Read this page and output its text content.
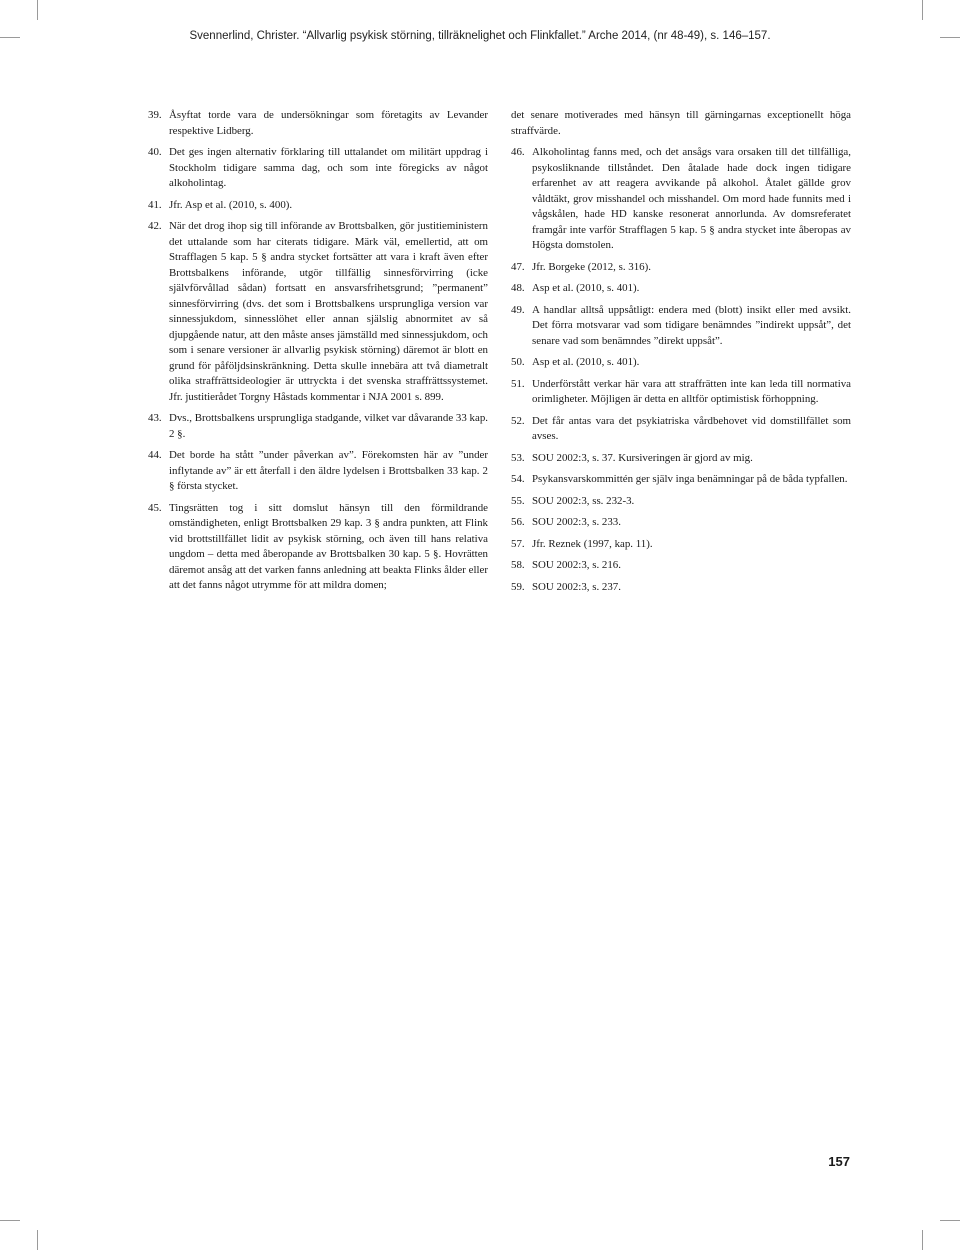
Svennerlind, Christer. “Allvarlig psykisk störning, tillräknelighet och Flinkfallet.” Arche 2014, (nr 48-49), s. 146–157.
39. Åsyftat torde vara de undersökningar som företagits av Levander respektive Lidberg.
40. Det ges ingen alternativ förklaring till uttalandet om militärt uppdrag i Stockholm tidigare samma dag, och som inte föregicks av något alkoholintag.
41. Jfr. Asp et al. (2010, s. 400).
42. När det drog ihop sig till införande av Brottsbalken, gör justitieministern det uttalande som har citerats tidigare. Märk väl, emellertid, att om Strafflagen 5 kap. 5 § andra stycket fortsätter att vara i kraft även efter Brottsbalkens införande, utgör tillfällig sinnesförvirring (icke självförvållad sådan) fortsatt en ansvarsfrihetsgrund; ”permanent” sinnesförvirring (dvs. det som i Brottsbalkens ursprungliga version var sinnessjukdom, sinnesslöhet eller annan själslig abnormitet av så djupgående natur, att den måste anses jämställd med sinnessjukdom, och som i senare versioner är allvarlig psykisk störning) däremot är blott en grund för påföljdsinskränkning. Detta skulle innebära att två diametralt olika straffrättsideologier är uttryckta i det svenska straffrättssystemet. Jfr. justitierådet Torgny Håstads kommentar i NJA 2001 s. 899.
43. Dvs., Brottsbalkens ursprungliga stadgande, vilket var dåvarande 33 kap. 2 §.
44. Det borde ha stått ”under påverkan av”. Förekomsten här av ”under inflytande av” är ett återfall i den äldre lydelsen i Brottsbalken 33 kap. 2 § första stycket.
45. Tingsrätten tog i sitt domslut hänsyn till den förmildrande omständigheten, enligt Brottsbalken 29 kap. 3 § andra punkten, att Flink vid brottstillfället lidit av psykisk störning, och även till hans relativa ungdom – detta med åberopande av Brottsbalken 30 kap. 5 §. Hovrätten däremot ansåg att det varken fanns anledning att beakta Flinks ålder eller att det fanns något utrymme för att mildra domen;
det senare motiverades med hänsyn till gärningarnas exceptionellt höga straffvärde.
46. Alkoholintag fanns med, och det ansågs vara orsaken till det tillfälliga, psykosliknande tillståndet. Den åtalade hade dock ingen tidigare erfarenhet av att reagera avvikande på alkohol. Åtalet gällde grov våldtäkt, grov misshandel och misshandel. Om mord hade funnits med i vågskålen, hade HD kanske resonerat annorlunda. Av domsreferatet framgår inte varför Strafflagen 5 kap. 5 § andra stycket inte åberopas av Högsta domstolen.
47. Jfr. Borgeke (2012, s. 316).
48. Asp et al. (2010, s. 401).
49. A handlar alltså uppsåtligt: endera med (blott) insikt eller med avsikt. Det förra motsvarar vad som tidigare benämndes ”indirekt uppsåt”, det senare vad som benämndes ”direkt uppsåt”.
50. Asp et al. (2010, s. 401).
51. Underförstått verkar här vara att straffrätten inte kan leda till normativa orimligheter. Möjligen är detta en alltför optimistisk förhoppning.
52. Det får antas vara det psykiatriska vårdbehovet vid domstillfället som avses.
53. SOU 2002:3, s. 37. Kursiveringen är gjord av mig.
54. Psykansvarskommittén ger själv inga benämningar på de båda typfallen.
55. SOU 2002:3, ss. 232-3.
56. SOU 2002:3, s. 233.
57. Jfr. Reznek (1997, kap. 11).
58. SOU 2002:3, s. 216.
59. SOU 2002:3, s. 237.
157
